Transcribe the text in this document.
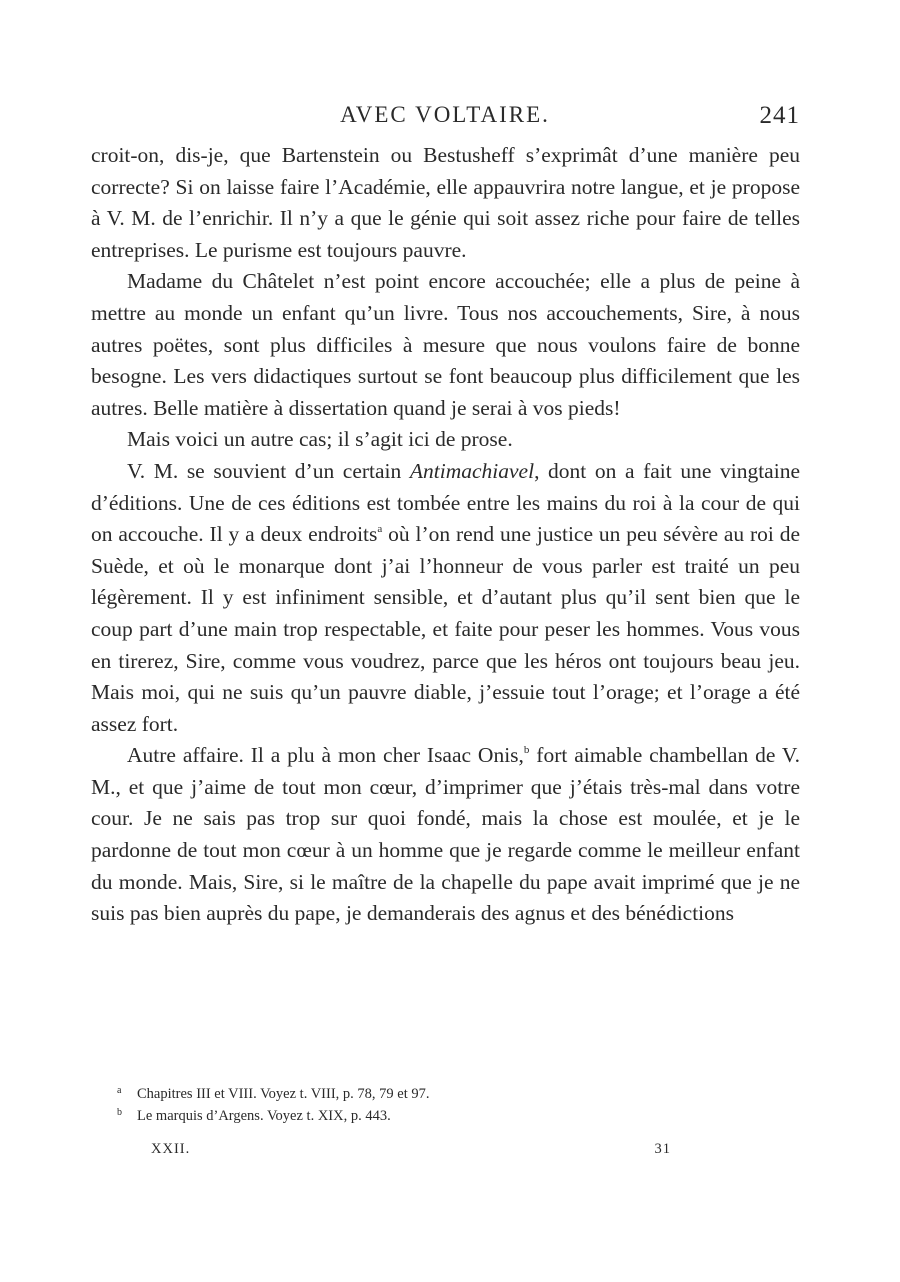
AVEC VOLTAIRE.	241

croit-on, dis-je, que Bartenstein ou Bestusheff s’exprimât d’une manière peu correcte? Si on laisse faire l’Académie, elle appauvrira notre langue, et je propose à V. M. de l’enrichir. Il n’y a que le génie qui soit assez riche pour faire de telles entreprises. Le purisme est toujours pauvre.

Madame du Châtelet n’est point encore accouchée; elle a plus de peine à mettre au monde un enfant qu’un livre. Tous nos accouchements, Sire, à nous autres poëtes, sont plus difficiles à mesure que nous voulons faire de bonne besogne. Les vers didactiques surtout se font beaucoup plus difficilement que les autres. Belle matière à dissertation quand je serai à vos pieds!

Mais voici un autre cas; il s’agit ici de prose.

V. M. se souvient d’un certain Antimachiavel, dont on a fait une vingtaine d’éditions. Une de ces éditions est tombée entre les mains du roi à la cour de qui on accouche. Il y a deux endroits$^a$ où l’on rend une justice un peu sévère au roi de Suède, et où le monarque dont j’ai l’honneur de vous parler est traité un peu légèrement. Il y est infiniment sensible, et d’autant plus qu’il sent bien que le coup part d’une main trop respectable, et faite pour peser les hommes. Vous vous en tirerez, Sire, comme vous voudrez, parce que les héros ont toujours beau jeu. Mais moi, qui ne suis qu’un pauvre diable, j’essuie tout l’orage; et l’orage a été assez fort.

Autre affaire. Il a plu à mon cher Isaac Onis,$^b$ fort aimable chambellan de V. M., et que j’aime de tout mon cœur, d’imprimer que j’étais très-mal dans votre cour. Je ne sais pas trop sur quoi fondé, mais la chose est moulée, et je le pardonne de tout mon cœur à un homme que je regarde comme le meilleur enfant du monde. Mais, Sire, si le maître de la chapelle du pape avait imprimé que je ne suis pas bien auprès du pape, je demanderais des agnus et des bénédictions

a Chapitres III et VIII. Voyez t. VIII, p. 78, 79 et 97.
b Le marquis d’Argens. Voyez t. XIX, p. 443.
XXII.	31
